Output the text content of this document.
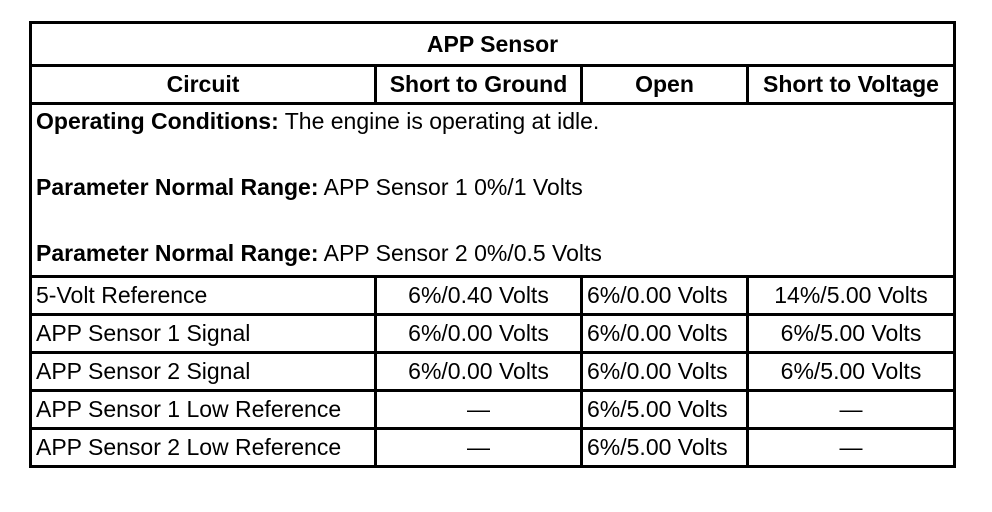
APP Sensor			
Circuit	Short to Ground	Open	Short to Voltage

Operating Conditions: The engine is operating at idle.

Parameter Normal Range: APP Sensor 1 0%/1 Volts

Parameter Normal Range: APP Sensor 2 0%/0.5 Volts			

5-Volt Reference	6%/0.40 Volts	6%/0.00 Volts	14%/5.00 Volts
APP Sensor 1 Signal	6%/0.00 Volts	6%/0.00 Volts	6%/5.00 Volts
APP Sensor 2 Signal	6%/0.00 Volts	6%/0.00 Volts	6%/5.00 Volts
APP Sensor 1 Low Reference	—	6%/5.00 Volts	—
APP Sensor 2 Low Reference	—	6%/5.00 Volts	—
